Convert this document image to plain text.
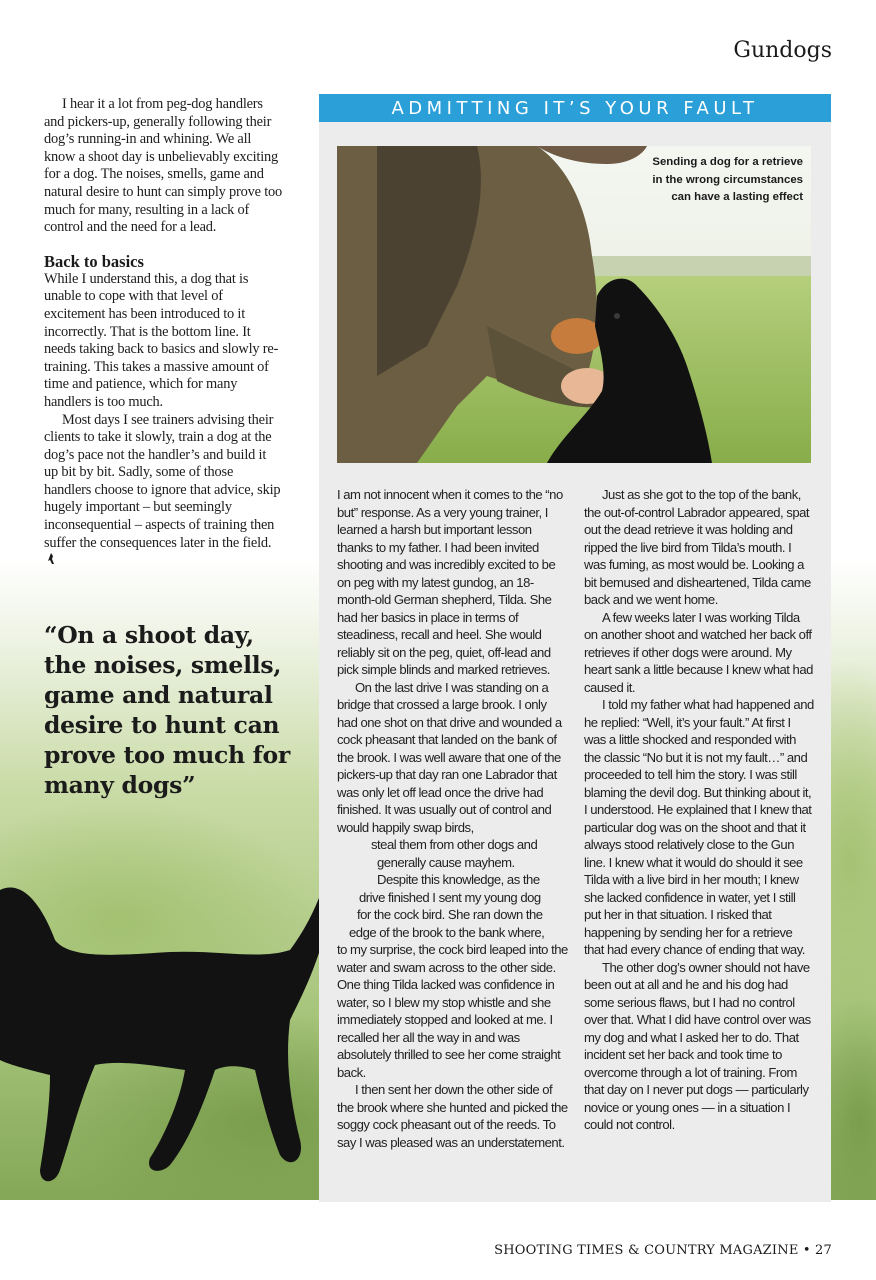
Gundogs

I hear it a lot from peg-dog handlers and pickers-up, generally following their dog’s running-in and whining. We all know a shoot day is unbelievably exciting for a dog. The noises, smells, game and natural desire to hunt can simply prove too much for many, resulting in a lack of control and the need for a lead.

Back to basics

While I understand this, a dog that is unable to cope with that level of excitement has been introduced to it incorrectly. That is the bottom line. It needs taking back to basics and slowly re-training. This takes a massive amount of time and patience, which for many handlers is too much.

Most days I see trainers advising their clients to take it slowly, train a dog at the dog’s pace not the handler’s and build it up bit by bit. Sadly, some of those handlers choose to ignore that advice, skip hugely important – but seemingly inconsequential – aspects of training then suffer the consequences later in the field.

“On a shoot day, the noises, smells, game and natural desire to hunt can prove too much for many dogs”
ADMITTING IT’S YOUR FAULT
Sending a dog for a retrieve in the wrong circumstances can have a lasting effect

I am not innocent when it comes to the “no but” response. As a very young trainer, I learned a harsh but important lesson thanks to my father. I had been invited shooting and was incredibly excited to be on peg with my latest gundog, an 18-month-old German shepherd, Tilda. She had her basics in place in terms of steadiness, recall and heel. She would reliably sit on the peg, quiet, off-lead and pick simple blinds and marked retrieves.

On the last drive I was standing on a bridge that crossed a large brook. I only had one shot on that drive and wounded a cock pheasant that landed on the bank of the brook. I was well aware that one of the pickers-up that day ran one Labrador that was only let off lead once the drive had finished. It was usually out of control and would happily swap birds,
steal them from other dogs and
generally cause mayhem.

Despite this knowledge, as the
drive finished I sent my young dog
for the cock bird. She ran down the
edge of the brook to the bank where,
to my surprise, the cock bird leaped into the water and swam across to the other side. One thing Tilda lacked was confidence in water, so I blew my stop whistle and she immediately stopped and looked at me. I recalled her all the way in and was absolutely thrilled to see her come straight back.

I then sent her down the other side of the brook where she hunted and picked the soggy cock pheasant out of the reeds. To say I was pleased was an understatement.

Just as she got to the top of the bank, the out-of-control Labrador appeared, spat out the dead retrieve it was holding and ripped the live bird from Tilda’s mouth. I was fuming, as most would be. Looking a bit bemused and disheartened, Tilda came back and we went home.

A few weeks later I was working Tilda on another shoot and watched her back off retrieves if other dogs were around. My heart sank a little because I knew what had caused it.

I told my father what had happened and he replied: “Well, it’s your fault.” At first I was a little shocked and responded with the classic “No but it is not my fault…” and proceeded to tell him the story. I was still blaming the devil dog. But thinking about it, I understood. He explained that I knew that particular dog was on the shoot and that it always stood relatively close to the Gun line. I knew what it would do should it see Tilda with a live bird in her mouth; I knew she lacked confidence in water, yet I still put her in that situation. I risked that happening by sending her for a retrieve that had every chance of ending that way.

The other dog’s owner should not have been out at all and he and his dog had some serious flaws, but I had no control over that. What I did have control over was my dog and what I asked her to do. That incident set her back and took time to overcome through a lot of training. From that day on I never put dogs — particularly novice or young ones — in a situation I could not control.

SHOOTING TIMES & COUNTRY MAGAZINE • 27
